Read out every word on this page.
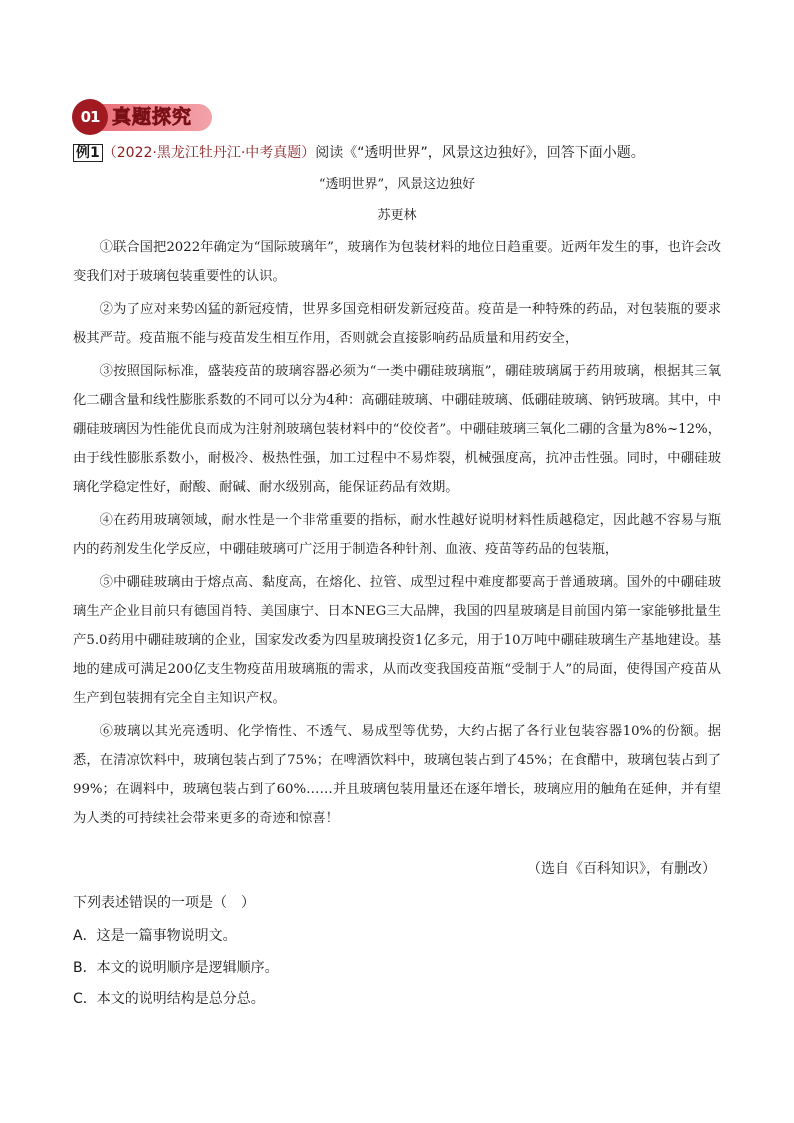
01 真题探究
例1 （2022·黑龙江牡丹江·中考真题）阅读《“透明世界”，风景这边独好》，回答下面小题。
“透明世界”，风景这边独好
苏更林

①联合国把2022年确定为“国际玻璃年”，玻璃作为包装材料的地位日趋重要。近两年发生的事，也许会改变我们对于玻璃包装重要性的认识。

②为了应对来势凶猛的新冠疫情，世界多国竞相研发新冠疫苗。疫苗是一种特殊的药品，对包装瓶的要求极其严苛。疫苗瓶不能与疫苗发生相互作用，否则就会直接影响药品质量和用药安全，

③按照国际标准，盛装疫苗的玻璃容器必须为“一类中硼硅玻璃瓶”，硼硅玻璃属于药用玻璃，根据其三氧化二硼含量和线性膨胀系数的不同可以分为4种：高硼硅玻璃、中硼硅玻璃、低硼硅玻璃、钠钙玻璃。其中，中硼硅玻璃因为性能优良而成为注射剂玻璃包装材料中的“佼佼者”。中硼硅玻璃三氧化二硼的含量为8%~12%，由于线性膨胀系数小，耐极冷、极热性强，加工过程中不易炸裂，机械强度高，抗冲击性强。同时，中硼硅玻璃化学稳定性好，耐酸、耐碱、耐水级别高，能保证药品有效期。

④在药用玻璃领域，耐水性是一个非常重要的指标，耐水性越好说明材料性质越稳定，因此越不容易与瓶内的药剂发生化学反应，中硼硅玻璃可广泛用于制造各种针剂、血液、疫苗等药品的包装瓶，

⑤中硼硅玻璃由于熔点高、黏度高，在熔化、拉管、成型过程中难度都要高于普通玻璃。国外的中硼硅玻璃生产企业目前只有德国肖特、美国康宁、日本NEG三大品牌，我国的四星玻璃是目前国内第一家能够批量生产5.0药用中硼硅玻璃的企业，国家发改委为四星玻璃投资1亿多元，用于10万吨中硼硅玻璃生产基地建设。基地的建成可满足200亿支生物疫苗用玻璃瓶的需求，从而改变我国疫苗瓶“受制于人”的局面，使得国产疫苗从生产到包装拥有完全自主知识产权。

⑥玻璃以其光亮透明、化学惰性、不透气、易成型等优势，大约占据了各行业包装容器10%的份额。据悉，在清凉饮料中，玻璃包装占到了75%；在啤酒饮料中，玻璃包装占到了45%；在食醋中，玻璃包装占到了99%；在调料中，玻璃包装占到了60%……并且玻璃包装用量还在逐年增长，玻璃应用的触角在延伸，并有望为人类的可持续社会带来更多的奇迹和惊喜！

（选自《百科知识》，有删改）
下列表述错误的一项是（　）
A．这是一篇事物说明文。
B．本文的说明顺序是逻辑顺序。
C．本文的说明结构是总分总。
